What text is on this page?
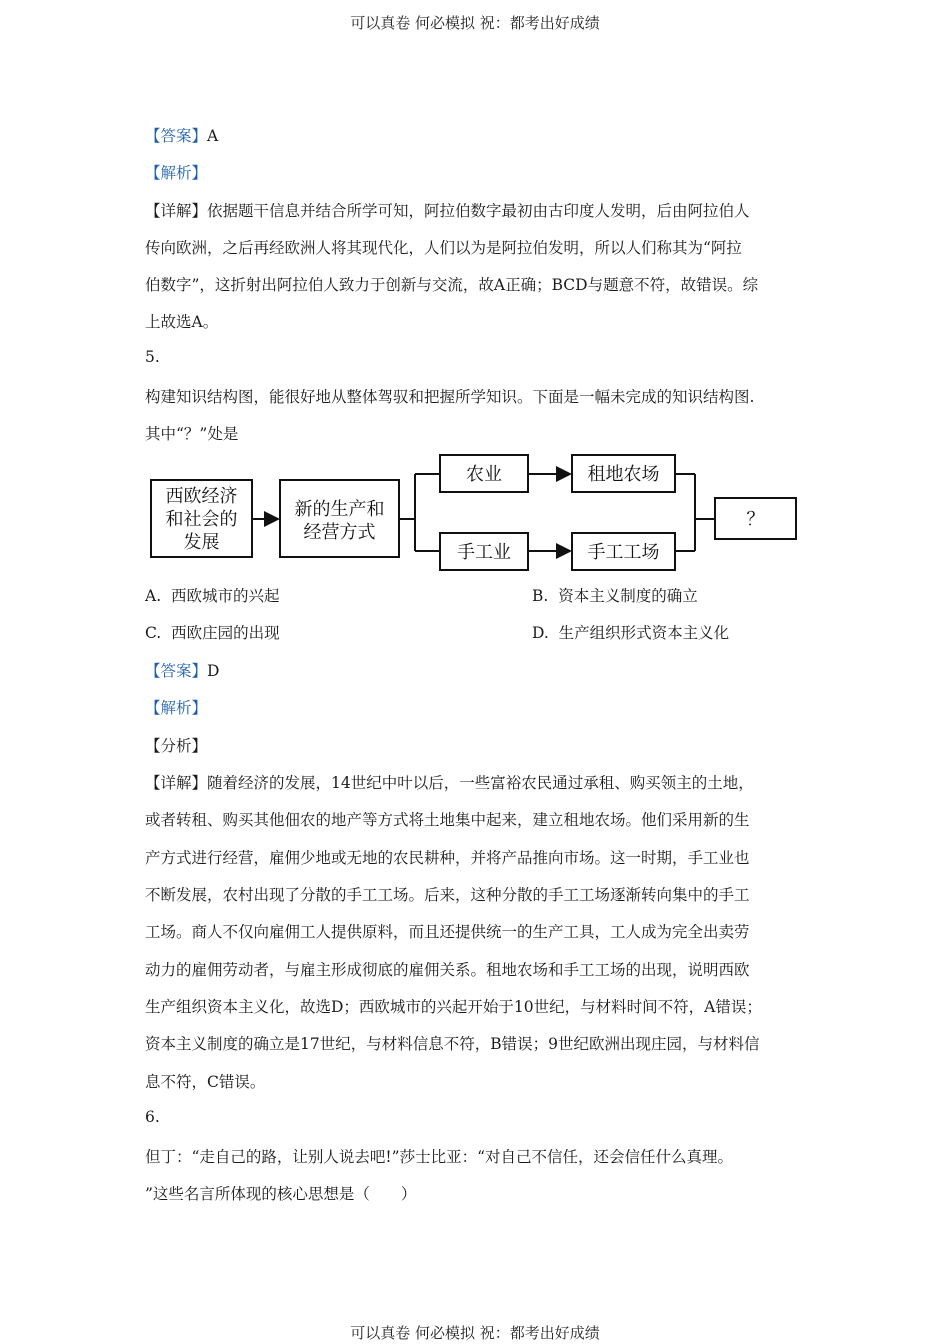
可以真卷 何必模拟 祝：都考出好成绩
【答案】A
【解析】
【详解】依据题干信息并结合所学可知，阿拉伯数字最初由古印度人发明，后由阿拉伯人
传向欧洲，之后再经欧洲人将其现代化，人们以为是阿拉伯发明，所以人们称其为“阿拉
伯数字”，这折射出阿拉伯人致力于创新与交流，故A正确；BCD与题意不符，故错误。综
上故选A。
5.
构建知识结构图，能很好地从整体驾驭和把握所学知识。下面是一幅未完成的知识结构图.
其中“？”处是
西欧经济
和社会的
发展
新的生产和
经营方式
农业
手工业
租地农场
手工工场
？
A. 西欧城市的兴起	B. 资本主义制度的确立
C. 西欧庄园的出现	D. 生产组织形式资本主义化
【答案】D
【解析】
【分析】
【详解】随着经济的发展，14世纪中叶以后，一些富裕农民通过承租、购买领主的土地，
或者转租、购买其他佃农的地产等方式将土地集中起来，建立租地农场。他们采用新的生
产方式进行经营，雇佣少地或无地的农民耕种，并将产品推向市场。这一时期，手工业也
不断发展，农村出现了分散的手工工场。后来，这种分散的手工工场逐渐转向集中的手工
工场。商人不仅向雇佣工人提供原料，而且还提供统一的生产工具，工人成为完全出卖劳
动力的雇佣劳动者，与雇主形成彻底的雇佣关系。租地农场和手工工场的出现，说明西欧
生产组织资本主义化，故选D；西欧城市的兴起开始于10世纪，与材料时间不符，A错误；
资本主义制度的确立是17世纪，与材料信息不符，B错误；9世纪欧洲出现庄园，与材料信
息不符，C错误。
6.
但丁：“走自己的路，让别人说去吧!”莎士比亚：“对自己不信任，还会信任什么真理。
”这些名言所体现的核心思想是（　　）
可以真卷 何必模拟 祝：都考出好成绩
